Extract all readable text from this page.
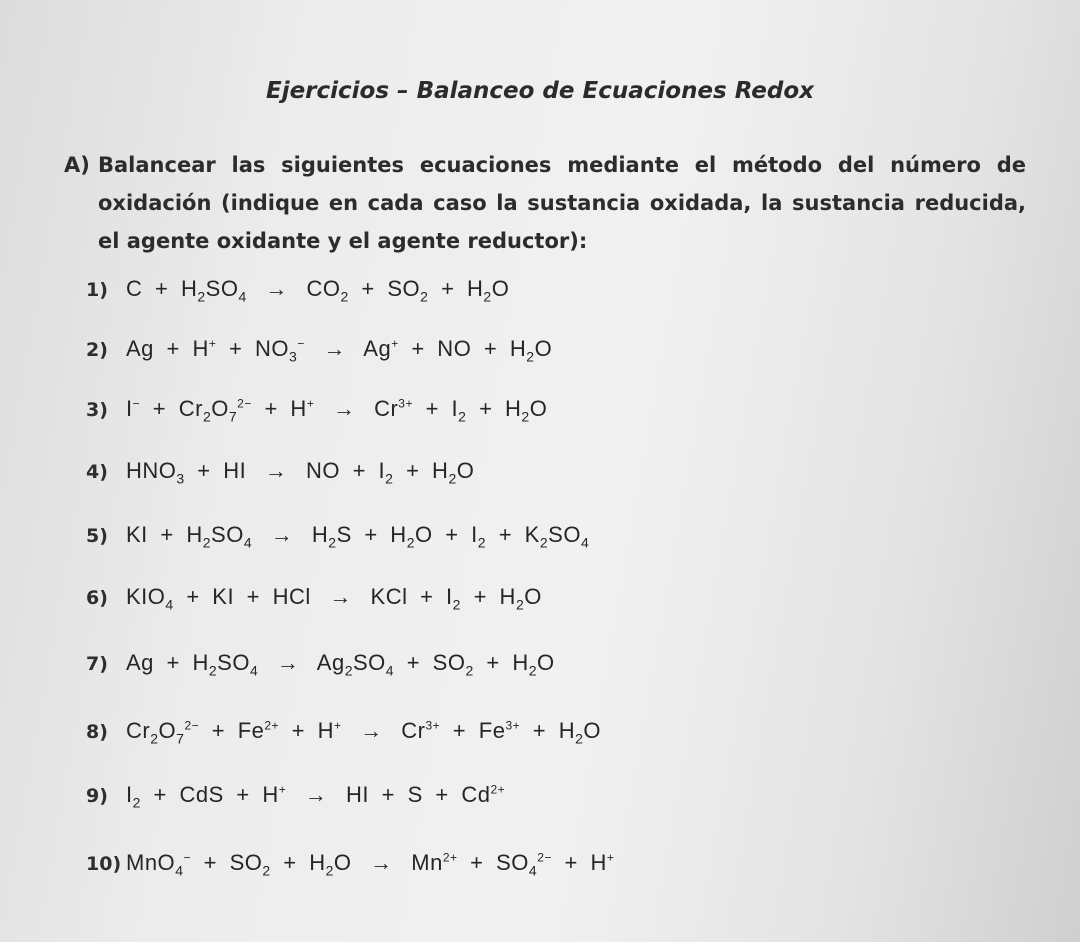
Ejercicios – Balanceo de Ecuaciones Redox
A) Balancear las siguientes ecuaciones mediante el método del número de oxidación (indique en cada caso la sustancia oxidada, la sustancia reducida, el agente oxidante y el agente reductor):
1) $C + H_2SO_4 \to CO_2 + SO_2 + H_2O$
2) $Ag + H^+ + NO_3^- \to Ag^+$ + NO + $H_2O$
3) $I^- + Cr_2O_7^{2-} + H^+ \to Cr^{3+} + I_2 + H_2O$
4) $HNO_3$ + HI → NO + $I_2 + H_2O$
5) KI + $H_2SO_4 \to H_2S + H_2O + I_2 + K_2SO_4$
6) $KIO_4$ + KI + HCl → KCl + $I_2 + H_2O$
7) $Ag + H_2SO_4 \to Ag_2SO_4 + SO_2 + H_2O$
8) $Cr_2O_7^{2-} + Fe^{2+} + H^+ \to Cr^{3+} + Fe^{3+} + H_2O$
9) $I_2$ + CdS + H+ → HI + $S + Cd^{2+}$
10) $MnO_4^- + SO_2 + H_2O \to Mn^{2+} + SO_4^{2-} + H^+$
